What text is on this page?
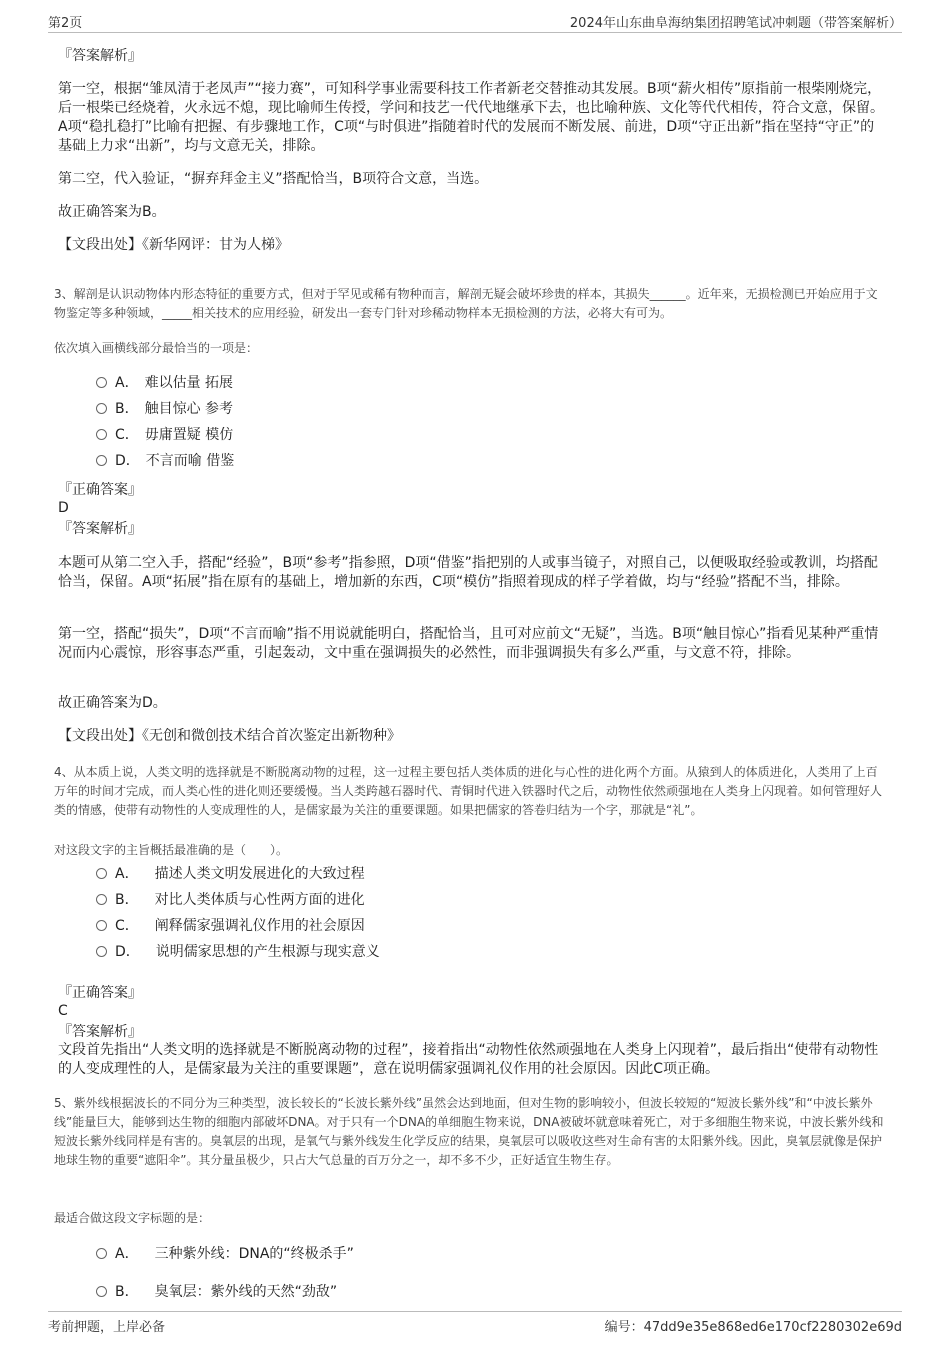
第2页	2024年山东曲阜海纳集团招聘笔试冲刺题（带答案解析）
『答案解析』
第一空，根据“雏凤清于老凤声”“接力赛”，可知科学事业需要科技工作者新老交替推动其发展。B项“薪火相传”原指前一根柴刚烧完，后一根柴已经烧着，火永远不熄，现比喻师生传授，学问和技艺一代代地继承下去，也比喻种族、文化等代代相传，符合文意，保留。A项“稳扎稳打”比喻有把握、有步骤地工作，C项“与时俱进”指随着时代的发展而不断发展、前进，D项“守正出新”指在坚持“守正”的基础上力求“出新”，均与文意无关，排除。
第二空，代入验证，“摒弃拜金主义”搭配恰当，B项符合文意，当选。
故正确答案为B。
【文段出处】《新华网评：甘为人梯》
3、解剖是认识动物体内形态特征的重要方式，但对于罕见或稀有物种而言，解剖无疑会破坏珍贵的样本，其损失______。近年来，无损检测已开始应用于文物鉴定等多种领域，_____相关技术的应用经验，研发出一套专门针对珍稀动物样本无损检测的方法，必将大有可为。
依次填入画横线部分最恰当的一项是：
A． 难以估量 拓展
B． 触目惊心 参考
C． 毋庸置疑 模仿
D． 不言而喻 借鉴
『正确答案』
D
『答案解析』
本题可从第二空入手，搭配“经验”，B项“参考”指参照，D项“借鉴”指把别的人或事当镜子，对照自己，以便吸取经验或教训，均搭配恰当，保留。A项“拓展”指在原有的基础上，增加新的东西，C项“模仿”指照着现成的样子学着做，均与“经验”搭配不当，排除。
第一空，搭配“损失”，D项“不言而喻”指不用说就能明白，搭配恰当，且可对应前文“无疑”，当选。B项“触目惊心”指看见某种严重情况而内心震惊，形容事态严重，引起轰动，文中重在强调损失的必然性，而非强调损失有多么严重，与文意不符，排除。
故正确答案为D。
【文段出处】《无创和微创技术结合首次鉴定出新物种》
4、从本质上说，人类文明的选择就是不断脱离动物的过程，这一过程主要包括人类体质的进化与心性的进化两个方面。从猿到人的体质进化，人类用了上百万年的时间才完成，而人类心性的进化则还要缓慢。当人类跨越石器时代、青铜时代进入铁器时代之后，动物性依然顽强地在人类身上闪现着。如何管理好人类的情感，使带有动物性的人变成理性的人，是儒家最为关注的重要课题。如果把儒家的答卷归结为一个字，那就是“礼”。
对这段文字的主旨概括最准确的是（　　）。
A． 描述人类文明发展进化的大致过程
B． 对比人类体质与心性两方面的进化
C． 阐释儒家强调礼仪作用的社会原因
D． 说明儒家思想的产生根源与现实意义
『正确答案』
C
『答案解析』
文段首先指出“人类文明的选择就是不断脱离动物的过程”，接着指出“动物性依然顽强地在人类身上闪现着”，最后指出“使带有动物性的人变成理性的人，是儒家最为关注的重要课题”，意在说明儒家强调礼仪作用的社会原因。因此C项正确。
5、紫外线根据波长的不同分为三种类型，波长较长的“长波长紫外线”虽然会达到地面，但对生物的影响较小，但波长较短的“短波长紫外线”和“中波长紫外线”能量巨大，能够到达生物的细胞内部破坏DNA。对于只有一个DNA的单细胞生物来说，DNA被破坏就意味着死亡，对于多细胞生物来说，中波长紫外线和短波长紫外线同样是有害的。臭氧层的出现，是氧气与紫外线发生化学反应的结果，臭氧层可以吸收这些对生命有害的太阳紫外线。因此，臭氧层就像是保护地球生物的重要“遮阳伞”。其分量虽极少，只占大气总量的百万分之一，却不多不少，正好适宜生物生存。
最适合做这段文字标题的是：
A． 三种紫外线：DNA的“终极杀手”
B． 臭氧层：紫外线的天然“劲敌”
考前押题，上岸必备	编号：47dd9e35e868ed6e170cf2280302e69d
